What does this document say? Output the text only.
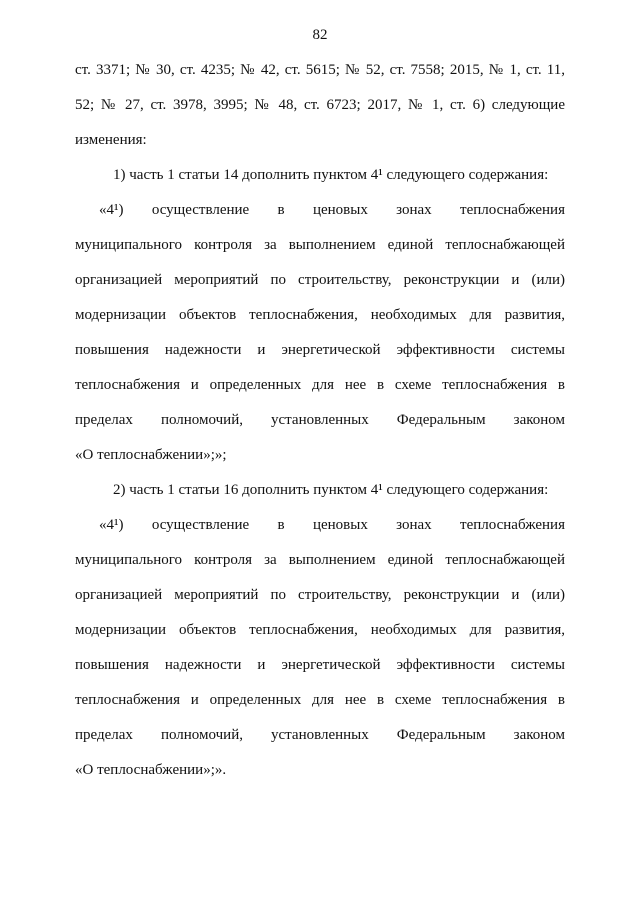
82
ст. 3371; № 30, ст. 4235; № 42, ст. 5615; № 52, ст. 7558; 2015, № 1, ст. 11,
52; № 27, ст. 3978, 3995; № 48, ст. 6723; 2017, № 1, ст. 6) следующие
изменения:
1) часть 1 статьи 14 дополнить пунктом 4¹ следующего содержания:
«4¹) осуществление в ценовых зонах теплоснабжения
муниципального контроля за выполнением единой теплоснабжающей
организацией мероприятий по строительству, реконструкции и (или)
модернизации объектов теплоснабжения, необходимых для развития,
повышения надежности и энергетической эффективности системы
теплоснабжения и определенных для нее в схеме теплоснабжения в
пределах полномочий, установленных Федеральным законом
«О теплоснабжении»;»;
2) часть 1 статьи 16 дополнить пунктом 4¹ следующего содержания:
«4¹) осуществление в ценовых зонах теплоснабжения
муниципального контроля за выполнением единой теплоснабжающей
организацией мероприятий по строительству, реконструкции и (или)
модернизации объектов теплоснабжения, необходимых для развития,
повышения надежности и энергетической эффективности системы
теплоснабжения и определенных для нее в схеме теплоснабжения в
пределах полномочий, установленных Федеральным законом
«О теплоснабжении»;».
